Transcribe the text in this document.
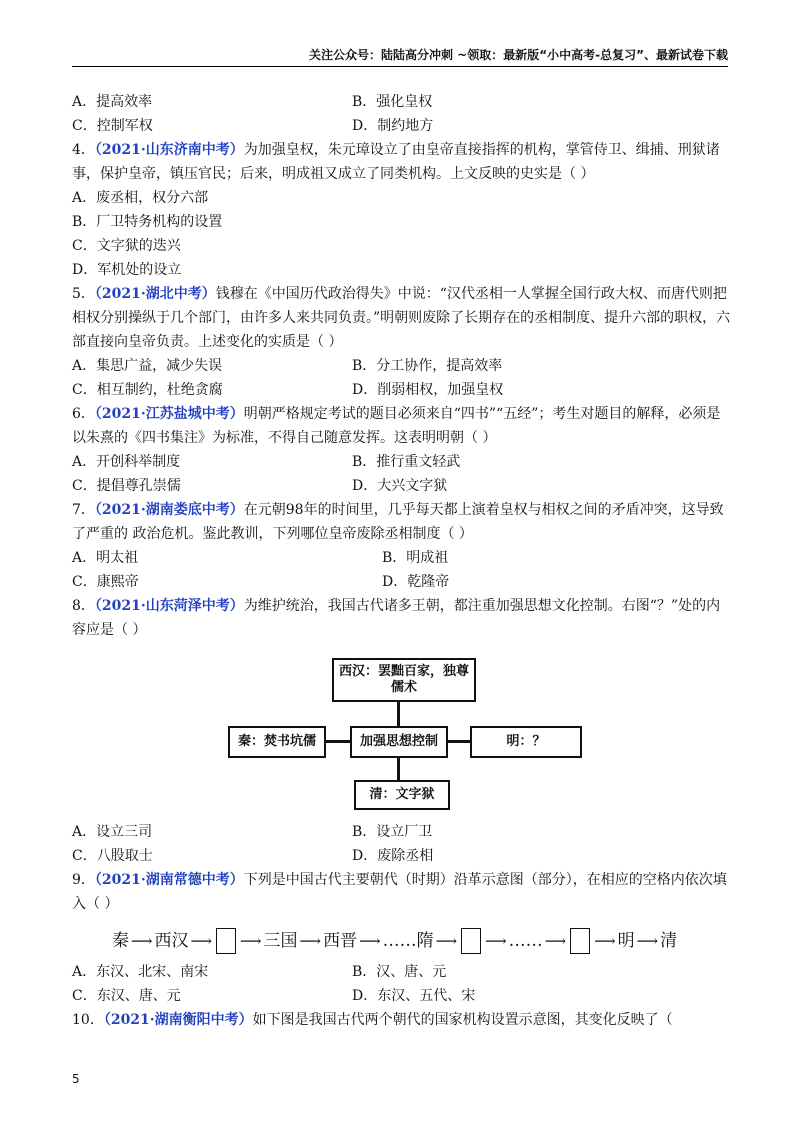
关注公众号：陆陆高分冲刺 ~领取：最新版“小中高考-总复习”、最新试卷下载
A．提高效率	B．强化皇权
C．控制军权	D．制约地方

4．（2021·山东济南中考）为加强皇权，朱元璋设立了由皇帝直接指挥的机构，掌管侍卫、缉捕、刑狱诸事，保护皇帝，镇压官民；后来，明成祖又成立了同类机构。上文反映的史实是（ ）

A．废丞相，权分六部
B．厂卫特务机构的设置
C．文字狱的迭兴
D．军机处的设立

5．（2021·湖北中考）钱穆在《中国历代政治得失》中说：“汉代丞相一人掌握全国行政大权、而唐代则把相权分别操纵于几个部门，由许多人来共同负责。”明朝则废除了长期存在的丞相制度、提升六部的职权，六部直接向皇帝负责。上述变化的实质是（ ）

A．集思广益，减少失误	B．分工协作，提高效率
C．相互制约，杜绝贪腐	D．削弱相权，加强皇权

6．（2021·江苏盐城中考）明朝严格规定考试的题目必须来自“四书”“五经”；考生对题目的解释，必须是以朱熹的《四书集注》为标准，不得自己随意发挥。这表明明朝（ ）

A．开创科举制度	B．推行重文轻武
C．提倡尊孔崇儒	D．大兴文字狱

7．（2021·湖南娄底中考）在元朝98年的时间里，几乎每天都上演着皇权与相权之间的矛盾冲突，这导致了严重的 政治危机。鉴此教训，下列哪位皇帝废除丞相制度（ ）

A．明太祖	B．明成祖
C．康熙帝	D．乾隆帝

8．（2021·山东菏泽中考）为维护统治，我国古代诸多王朝，都注重加强思想文化控制。右图“？”处的内容应是（ ）

西汉：罢黜百家，独尊儒术
秦：焚书坑儒	加强思想控制	明：？
清：文字狱
A．设立三司	B．设立厂卫
C．八股取士	D．废除丞相

9．（2021·湖南常德中考）下列是中国古代主要朝代（时期）沿革示意图（部分），在相应的空格内依次填入（ ）

秦 ⟶ 西汉 ⟶ ⟶ 三国 ⟶ 西晋 ⟶ …… 隋 ⟶ ⟶ …… ⟶ ⟶ 明 ⟶ 清
A．东汉、北宋、南宋	B．汉、唐、元
C．东汉、唐、元	D．东汉、五代、宋

10．（2021·湖南衡阳中考）如下图是我国古代两个朝代的国家机构设置示意图，其变化反映了（

5
